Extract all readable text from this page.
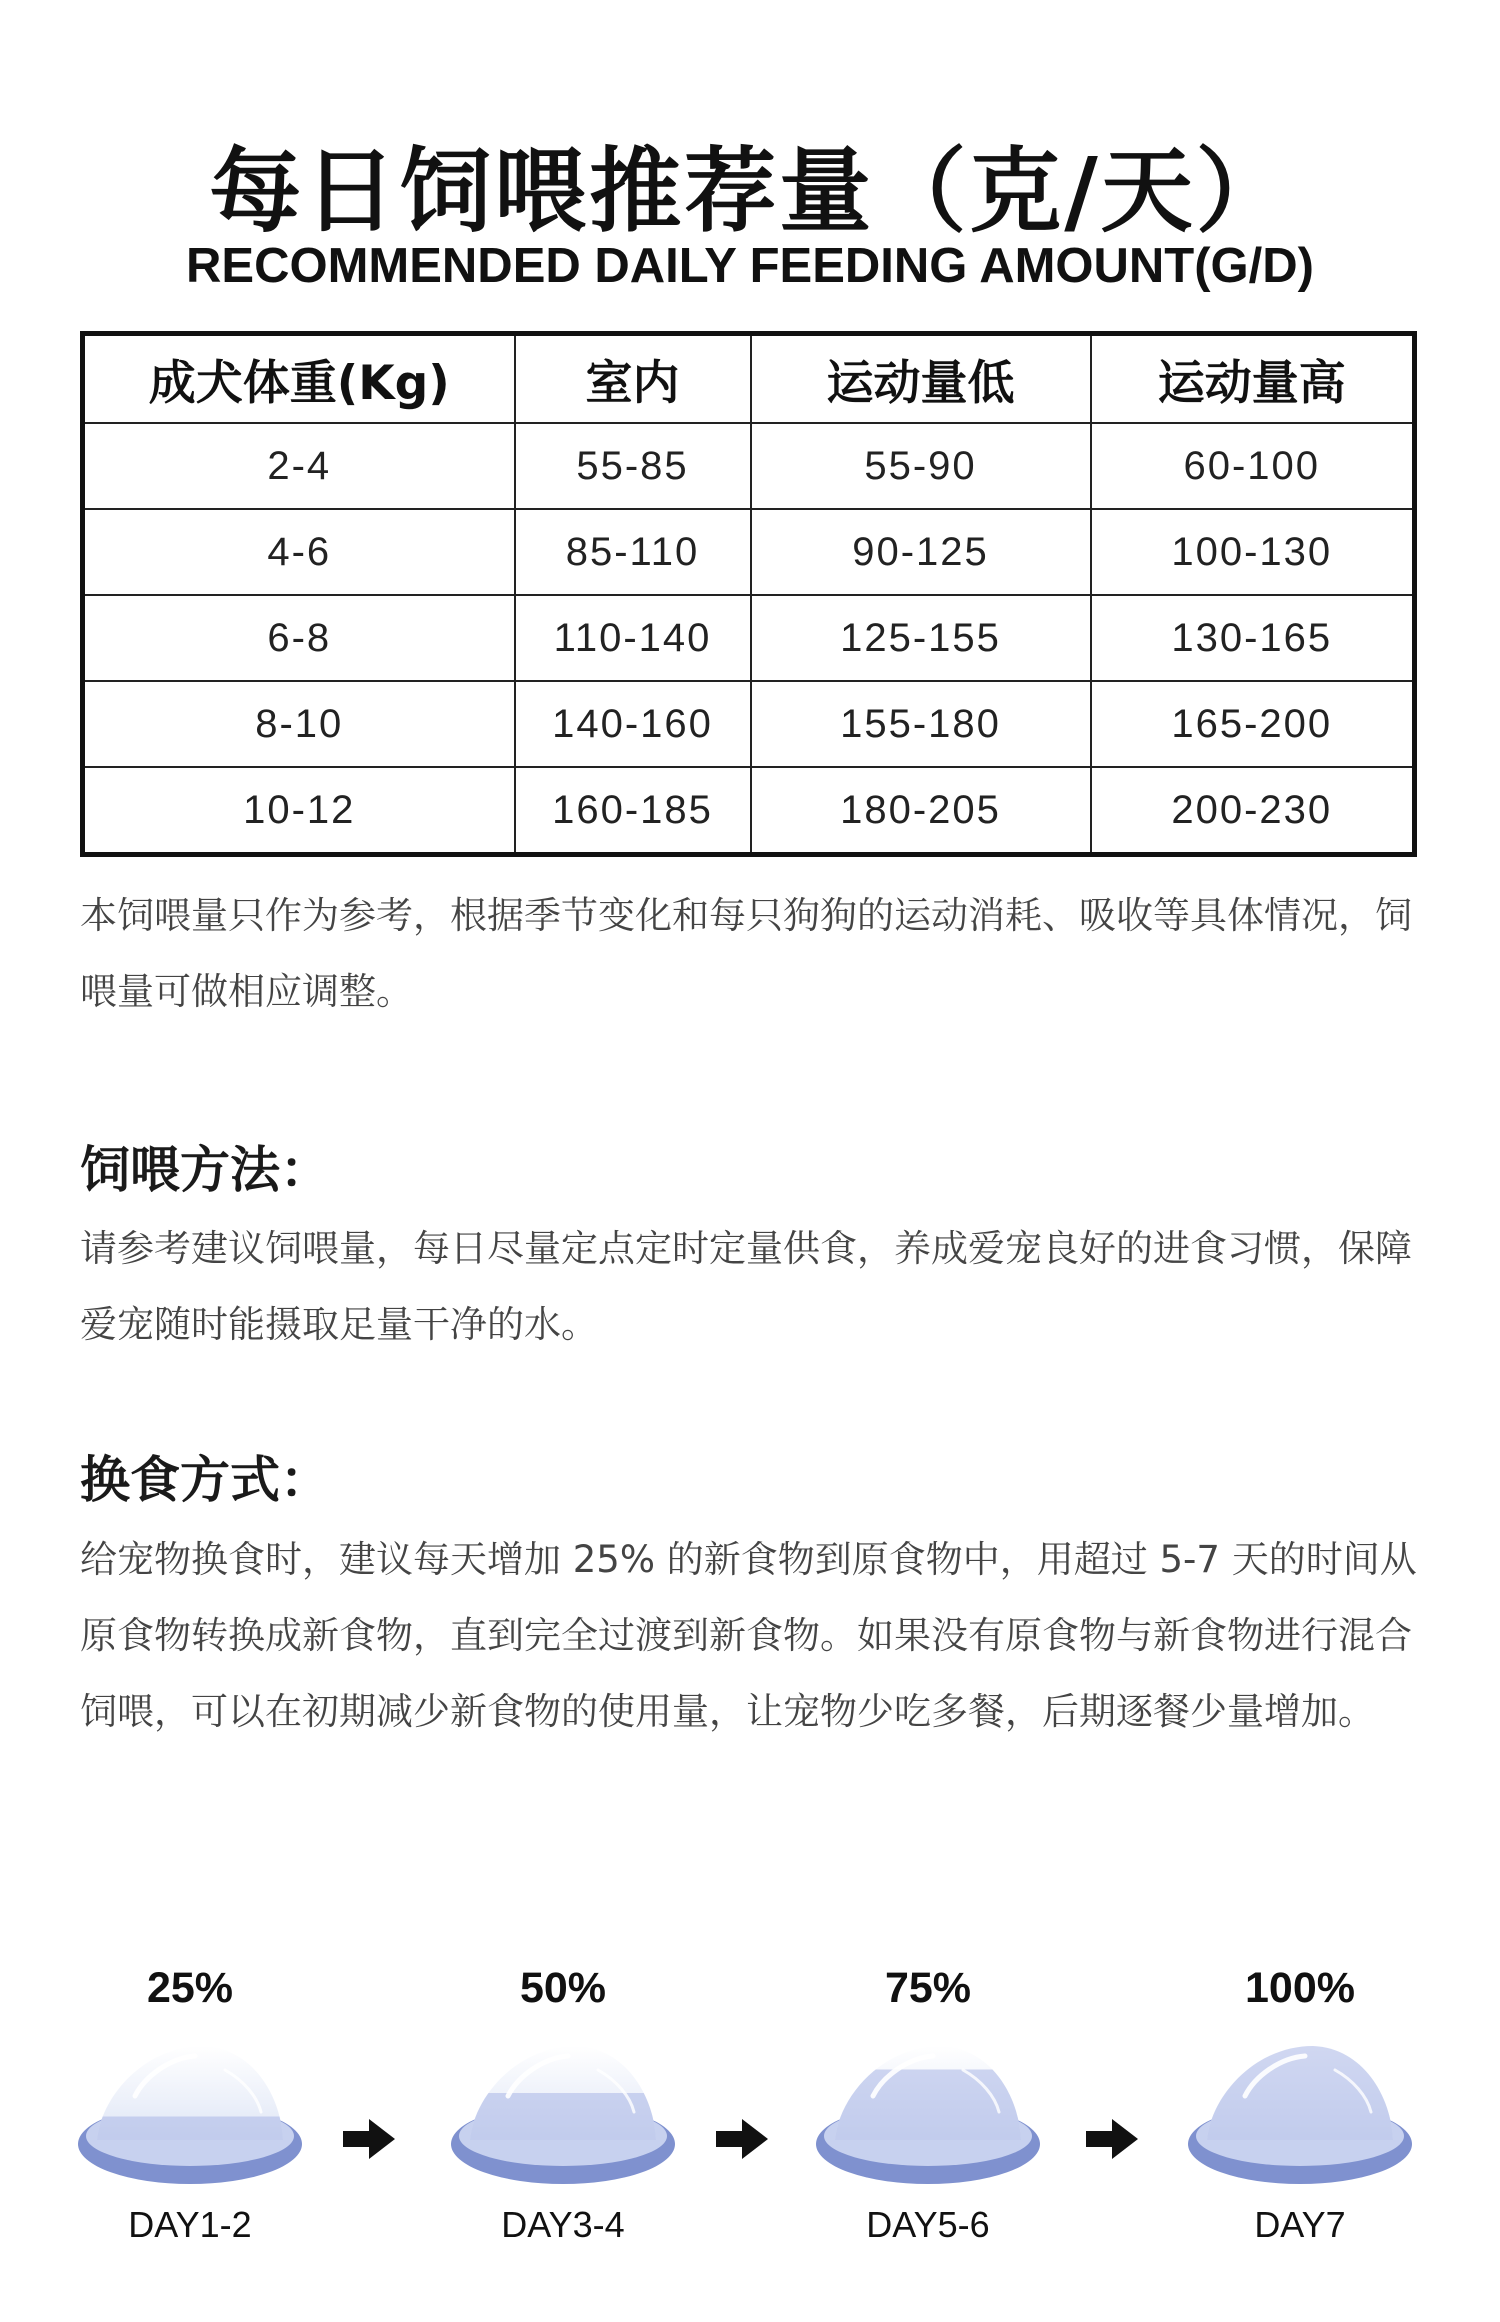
每日饲喂推荐量（克/天）
RECOMMENDED DAILY FEEDING AMOUNT(G/D)
成犬体重(Kg)	室内	运动量低	运动量高
2-4	55-85	55-90	60-100
4-6	85-110	90-125	100-130
6-8	110-140	125-155	130-165
8-10	140-160	155-180	165-200
10-12	160-185	180-205	200-230
本饲喂量只作为参考，根据季节变化和每只狗狗的运动消耗、吸收等具体情况，饲喂量可做相应调整。
饲喂方法：
请参考建议饲喂量，每日尽量定点定时定量供食，养成爱宠良好的进食习惯，保障爱宠随时能摄取足量干净的水。
换食方式：
给宠物换食时，建议每天增加 25% 的新食物到原食物中，用超过 5-7 天的时间从原食物转换成新食物，直到完全过渡到新食物。如果没有原食物与新食物进行混合饲喂，可以在初期减少新食物的使用量，让宠物少吃多餐，后期逐餐少量增加。
25%
DAY1-2
50%
DAY3-4
75%
DAY5-6
100%
DAY7
